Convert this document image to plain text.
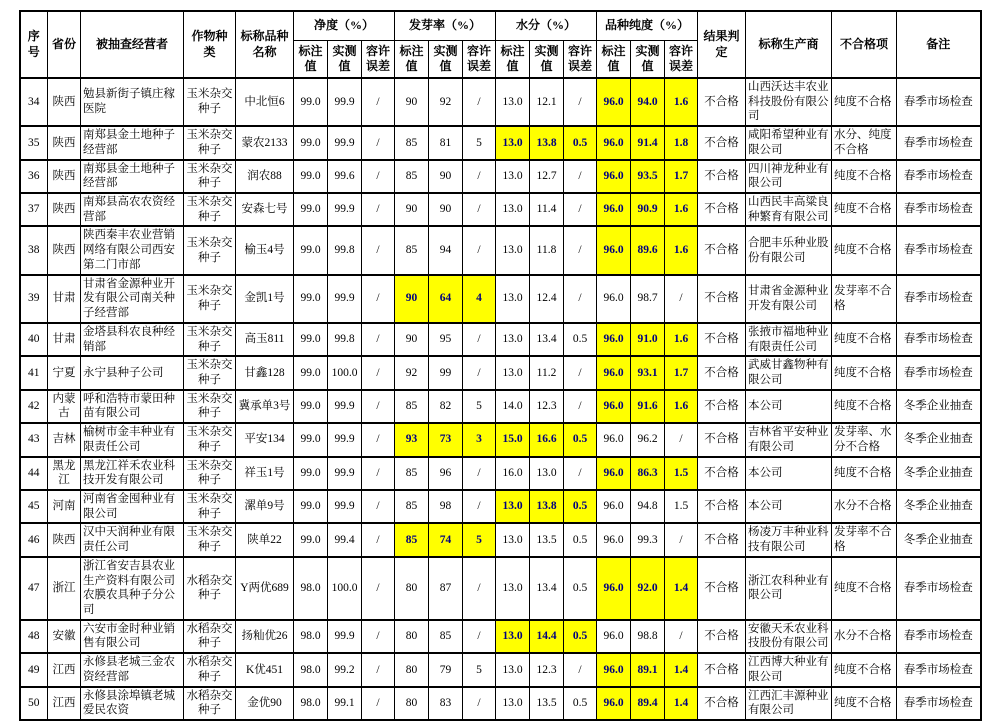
序号	省份	被抽查经营者	作物种类	标称品种名称	净度（%）			发芽率（%）			水分（%）			品种纯度（%）			结果判定	标称生产商	不合格项	备注
					标注值	实测值	容许误差	标注值	实测值	容许误差	标注值	实测值	容许误差	标注值	实测值	容许误差				
34	陕西	勉县新街子镇庄稼医院	玉米杂交种子	中北恒6	99.0	99.9	/	90	92	/	13.0	12.1	/	96.0	94.0	1.6	不合格	山西沃达丰农业科技股份有限公司	纯度不合格	春季市场检查
35	陕西	南郑县金土地种子经营部	玉米杂交种子	蒙农2133	99.0	99.9	/	85	81	5	13.0	13.8	0.5	96.0	91.4	1.8	不合格	咸阳希望种业有限公司	水分、纯度不合格	春季市场检查
36	陕西	南郑县金土地种子经营部	玉米杂交种子	润农88	99.0	99.6	/	85	90	/	13.0	12.7	/	96.0	93.5	1.7	不合格	四川神龙种业有限公司	纯度不合格	春季市场检查
37	陕西	南郑县高农农资经营部	玉米杂交种子	安森七号	99.0	99.9	/	90	90	/	13.0	11.4	/	96.0	90.9	1.6	不合格	山西民丰高粱良种繁育有限公司	纯度不合格	春季市场检查
38	陕西	陕西秦丰农业营销网络有限公司西安第二门市部	玉米杂交种子	榆玉4号	99.0	99.8	/	85	94	/	13.0	11.8	/	96.0	89.6	1.6	不合格	合肥丰乐种业股份有限公司	纯度不合格	春季市场检查
39	甘肃	甘肃省金源种业开发有限公司南关种子经营部	玉米杂交种子	金凯1号	99.0	99.9	/	90	64	4	13.0	12.4	/	96.0	98.7	/	不合格	甘肃省金源种业开发有限公司	发芽率不合格	春季市场检查
40	甘肃	金塔县科农良种经销部	玉米杂交种子	高玉811	99.0	99.8	/	90	95	/	13.0	13.4	0.5	96.0	91.0	1.6	不合格	张掖市福地种业有限责任公司	纯度不合格	春季市场检查
41	宁夏	永宁县种子公司	玉米杂交种子	甘鑫128	99.0	100.0	/	92	99	/	13.0	11.2	/	96.0	93.1	1.7	不合格	武威甘鑫物种有限公司	纯度不合格	春季市场检查
42	内蒙古	呼和浩特市蒙田种苗有限公司	玉米杂交种子	冀承单3号	99.0	99.9	/	85	82	5	14.0	12.3	/	96.0	91.6	1.6	不合格	本公司	纯度不合格	冬季企业抽查
43	吉林	榆树市金丰种业有限责任公司	玉米杂交种子	平安134	99.0	99.9	/	93	73	3	15.0	16.6	0.5	96.0	96.2	/	不合格	吉林省平安种业有限公司	发芽率、水分不合格	冬季企业抽查
44	黑龙江	黑龙江祥禾农业科技开发有限公司	玉米杂交种子	祥玉1号	99.0	99.9	/	85	96	/	16.0	13.0	/	96.0	86.3	1.5	不合格	本公司	纯度不合格	冬季企业抽查
45	河南	河南省金囤种业有限公司	玉米杂交种子	漯单9号	99.0	99.9	/	85	98	/	13.0	13.8	0.5	96.0	94.8	1.5	不合格	本公司	水分不合格	冬季企业抽查
46	陕西	汉中天润种业有限责任公司	玉米杂交种子	陕单22	99.0	99.4	/	85	74	5	13.0	13.5	0.5	96.0	99.3	/	不合格	杨凌万丰种业科技有限公司	发芽率不合格	冬季企业抽查
47	浙江	浙江省安吉县农业生产资料有限公司农膜农具种子分公司	水稻杂交种子	Y两优689	98.0	100.0	/	80	87	/	13.0	13.4	0.5	96.0	92.0	1.4	不合格	浙江农科种业有限公司	纯度不合格	春季市场检查
48	安徽	六安市金时种业销售有限公司	水稻杂交种子	扬籼优26	98.0	99.9	/	80	85	/	13.0	14.4	0.5	96.0	98.8	/	不合格	安徽天禾农业科技股份有限公司	水分不合格	春季市场检查
49	江西	永修县老城三金农资经营部	水稻杂交种子	K优451	98.0	99.2	/	80	79	5	13.0	12.3	/	96.0	89.1	1.4	不合格	江西博大种业有限公司	纯度不合格	春季市场检查
50	江西	永修县涂埠镇老城爱民农资	水稻杂交种子	金优90	98.0	99.1	/	80	83	/	13.0	13.5	0.5	96.0	89.4	1.4	不合格	江西汇丰源种业有限公司	纯度不合格	春季市场检查
